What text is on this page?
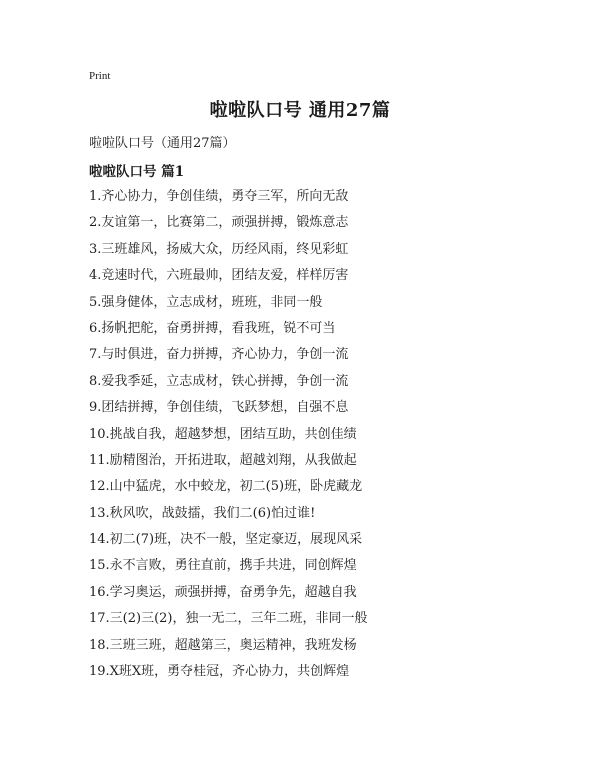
Print
啦啦队口号 通用27篇
啦啦队口号（通用27篇）
啦啦队口号 篇1
1.齐心协力，争创佳绩，勇夺三军，所向无敌
2.友谊第一，比赛第二，顽强拼搏，锻炼意志
3.三班雄风，扬威大众，历经风雨，终见彩虹
4.竞速时代，六班最帅，团结友爱，样样厉害
5.强身健体，立志成材，班班，非同一般
6.扬帆把舵，奋勇拼搏，看我班，锐不可当
7.与时俱进，奋力拼搏，齐心协力，争创一流
8.爱我季延，立志成材，铁心拼搏，争创一流
9.团结拼搏，争创佳绩，飞跃梦想，自强不息
10.挑战自我，超越梦想，团结互助，共创佳绩
11.励精图治，开拓进取，超越刘翔，从我做起
12.山中猛虎，水中蛟龙，初二(5)班，卧虎藏龙
13.秋风吹，战鼓擂，我们二(6)怕过谁!
14.初二(7)班，决不一般，坚定豪迈，展现风采
15.永不言败，勇往直前，携手共进，同创辉煌
16.学习奥运，顽强拼搏，奋勇争先，超越自我
17.三(2)三(2)，独一无二，三年二班，非同一般
18.三班三班，超越第三，奥运精神，我班发杨
19.X班X班，勇夺桂冠，齐心协力，共创辉煌
